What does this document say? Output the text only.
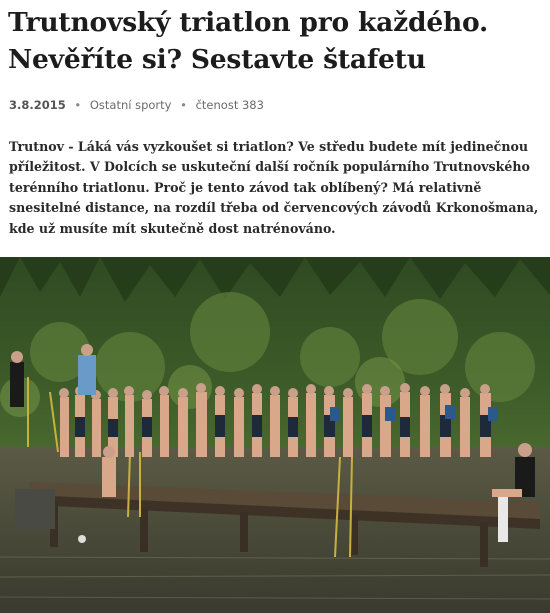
Trutnovský triatlon pro každého.
Nevěříte si? Sestavte štafetu
3.8.2015 • Ostatní sporty • čtenost 383

Trutnov - Láká vás vyzkoušet si triatlon? Ve středu budete mít jedinečnou příležitost. V Dolcích se uskuteční další ročník populárního Trutnovského terénního triatlonu. Proč je tento závod tak oblíbený? Má relativně snesitelné distance, na rozdíl třeba od červencových závodů Krkonošmana, kde už musíte mít skutečně dost natrénováno.
